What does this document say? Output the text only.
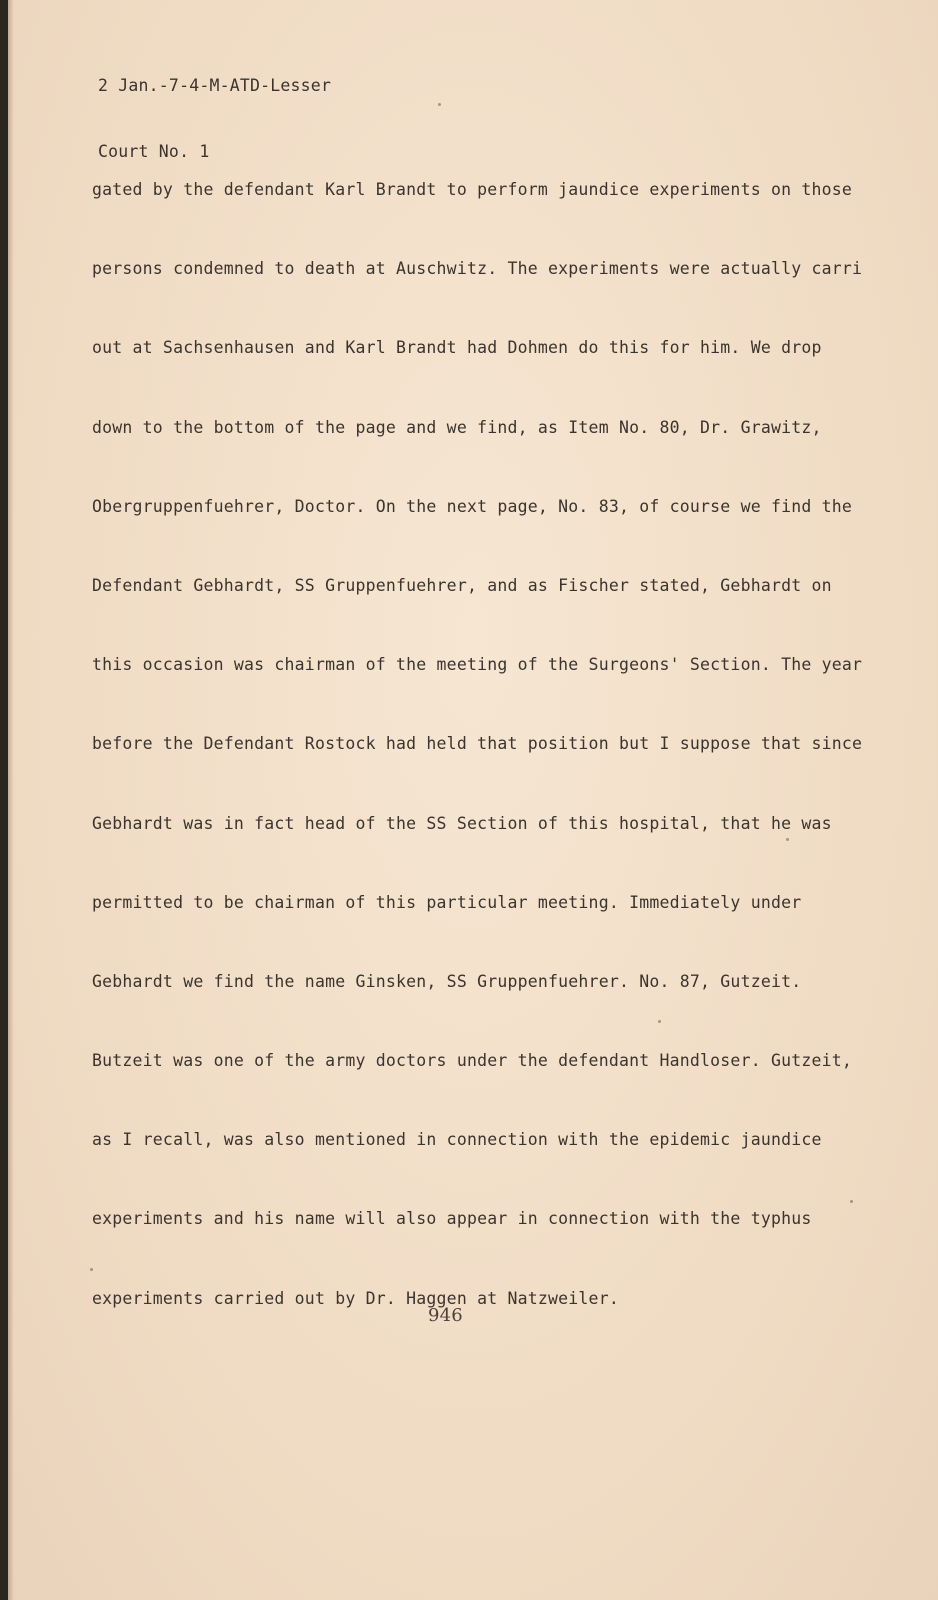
2 Jan.-7-4-M-ATD-Lesser

Court No. 1

gated by the defendant Karl Brandt to perform jaundice experiments on those

persons condemned to death at Auschwitz. The experiments were actually carri

out at Sachsenhausen and Karl Brandt had Dohmen do this for him. We drop

down to the bottom of the page and we find, as Item No. 80, Dr. Grawitz,

Obergruppenfuehrer, Doctor. On the next page, No. 83, of course we find the

Defendant Gebhardt, SS Gruppenfuehrer, and as Fischer stated, Gebhardt on

this occasion was chairman of the meeting of the Surgeons' Section. The year

before the Defendant Rostock had held that position but I suppose that since

Gebhardt was in fact head of the SS Section of this hospital, that he was

permitted to be chairman of this particular meeting. Immediately under

Gebhardt we find the name Ginsken, SS Gruppenfuehrer. No. 87, Gutzeit.

Butzeit was one of the army doctors under the defendant Handloser. Gutzeit,

as I recall, was also mentioned in connection with the epidemic jaundice

experiments and his name will also appear in connection with the typhus

experiments carried out by Dr. Haggen at Natzweiler.

946
